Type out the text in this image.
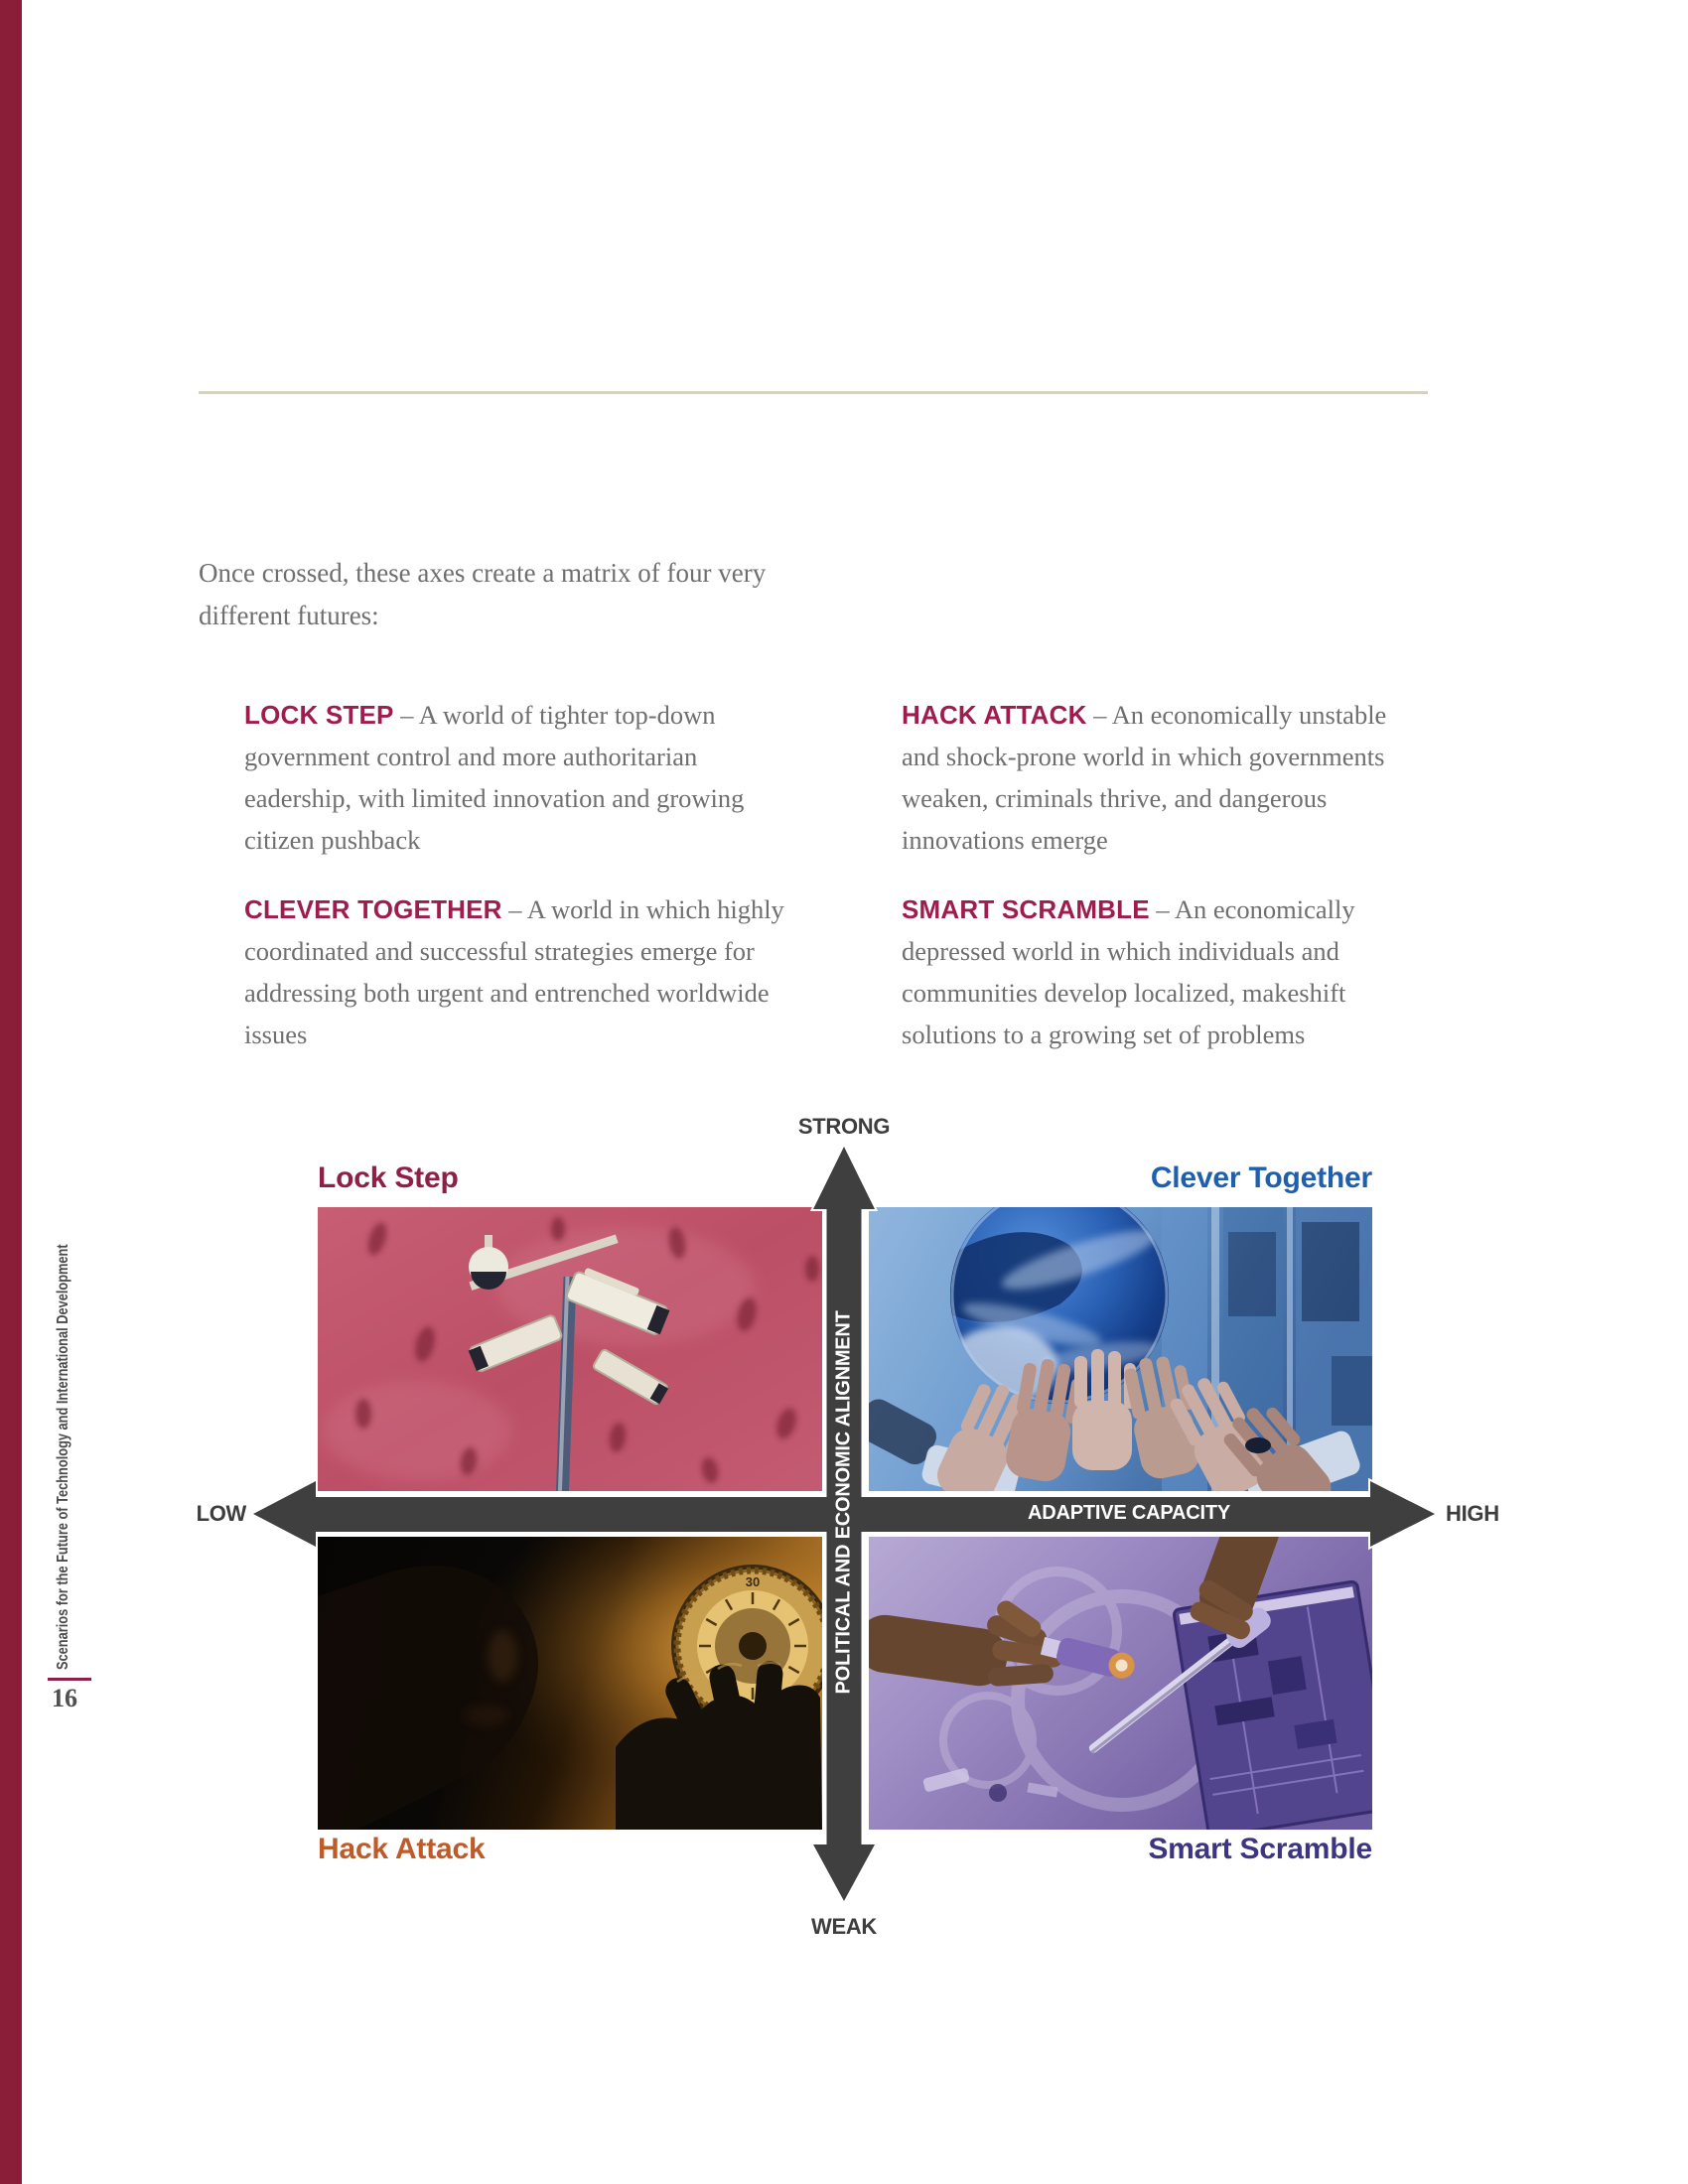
Once crossed, these axes create a matrix of four very different futures:

LOCK STEP – A world of tighter top-down government control and more authoritarian eadership, with limited innovation and growing citizen pushback

HACK ATTACK – An economically unstable and shock-prone world in which governments weaken, criminals thrive, and dangerous innovations emerge

CLEVER TOGETHER – A world in which highly coordinated and successful strategies emerge for addressing both urgent and entrenched worldwide issues

SMART SCRAMBLE – An economically depressed world in which individuals and communities develop localized, makeshift solutions to a growing set of problems

30
STRONG
WEAK
LOW	HIGH
ADAPTIVE CAPACITY
POLITICAL AND ECONOMIC ALIGNMENT
Lock Step	Clever Together
Hack Attack	Smart Scramble
Scenarios for the Future of Technology and International Development
16
